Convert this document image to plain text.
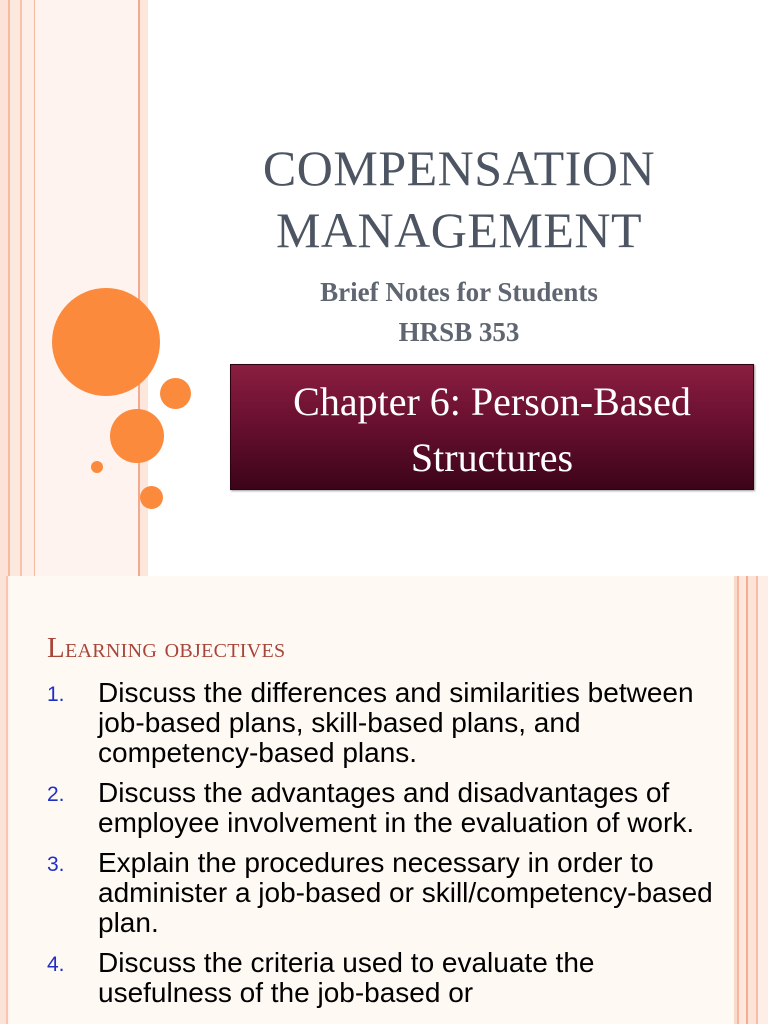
COMPENSATION
MANAGEMENT
Brief Notes for Students
HRSB 353
Chapter 6: Person-Based
Structures
Learning objectives
1. Discuss the differences and similarities between job-based plans, skill-based plans, and competency-based plans.
2. Discuss the advantages and disadvantages of employee involvement in the evaluation of work.
3. Explain the procedures necessary in order to administer a job-based or skill/competency-based plan.
4. Discuss the criteria used to evaluate the usefulness of the job-based or
